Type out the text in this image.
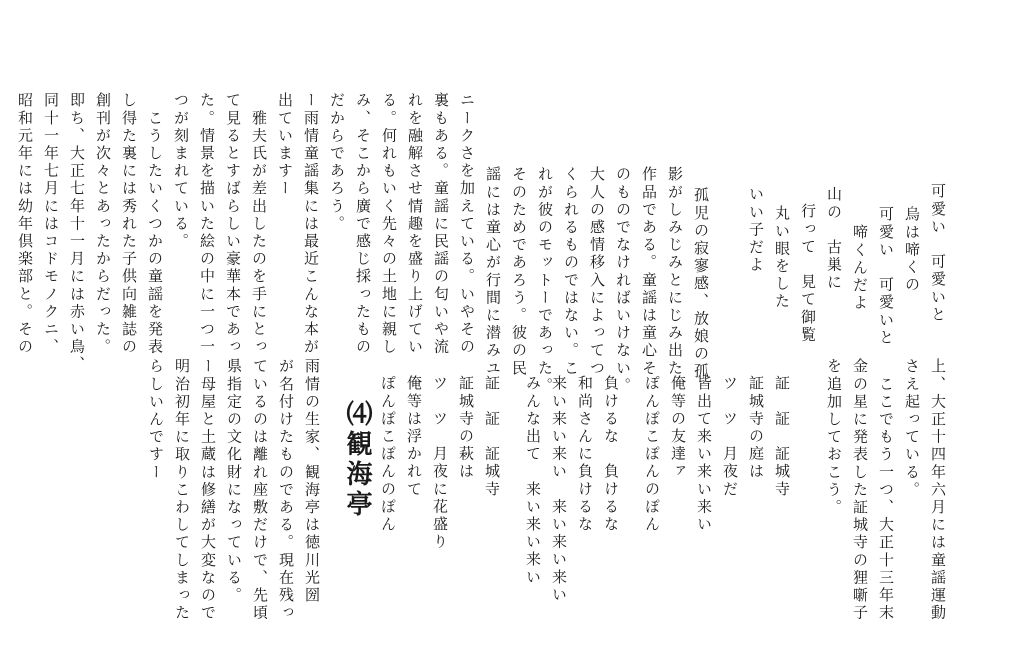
可愛い　可愛いと
烏は啼くの
可愛い　可愛いと
啼くんだよ
山の　古巣に
行って　見て御覧
丸い眼をした
いい子だよ
孤児の寂寥感、放娘の孤
影がしみじみとにじみ出た
作品である。童謡は童心そ
のものでなければいけない。
大人の感情移入によってつ
くられるものではない。こ
れが彼のモットーであった。
そのためであろう。彼の民
謡には童心が行間に潜みユ
ニークさを加えている。いやその
裏もある。童謡に民謡の匂いや流
れを融解させ情趣を盛り上げてい
る。何れもいく先々の土地に親し
み、そこから廣で感じ採ったもの
だからであろう。
ー雨情童謡集には最近こんな本が
出ていますー
　雅夫氏が差出したのを手にとっ
て見るとすばらしい豪華本であっ
た。情景を描いた絵の中に一つ一
つが刻まれている。
　こうしたいくつかの童謡を発表
し得た裏には秀れた子供向雑誌の
創刊が次々とあったからだった。
即ち、大正七年十一月には赤い鳥、
同十一年七月にはコドモノクニ、
昭和元年には幼年倶楽部と。その
上、大正十四年六月には童謡運動
さえ起っている。
　ここでもう一つ、大正十三年末
金の星に発表した証城寺の狸噺子
を追加しておこう。
証　証　証城寺
証城寺の庭は
ツ　ツ　月夜だ
皆出て来い来い来い
俺等の友達ァ
ぽんぽこぽんのぽん
負けるな　負けるな
和尚さんに負けるな
来い来い来い　来い来い来い
みんな出て　来い来い来い
証　証　証城寺
証城寺の萩は
ツ　ツ　月夜に花盛り
俺等は浮かれて
ぽんぽこぽんのぽん
⑷観海亭
雨情の生家、観海亭は徳川光圀
が名付けたものである。現在残っ
ているのは離れ座敷だけで、先頃
県指定の文化財になっている。
ー母屋と土蔵は修繕が大変なので
明治初年に取りこわしてしまった
らしいんですー
